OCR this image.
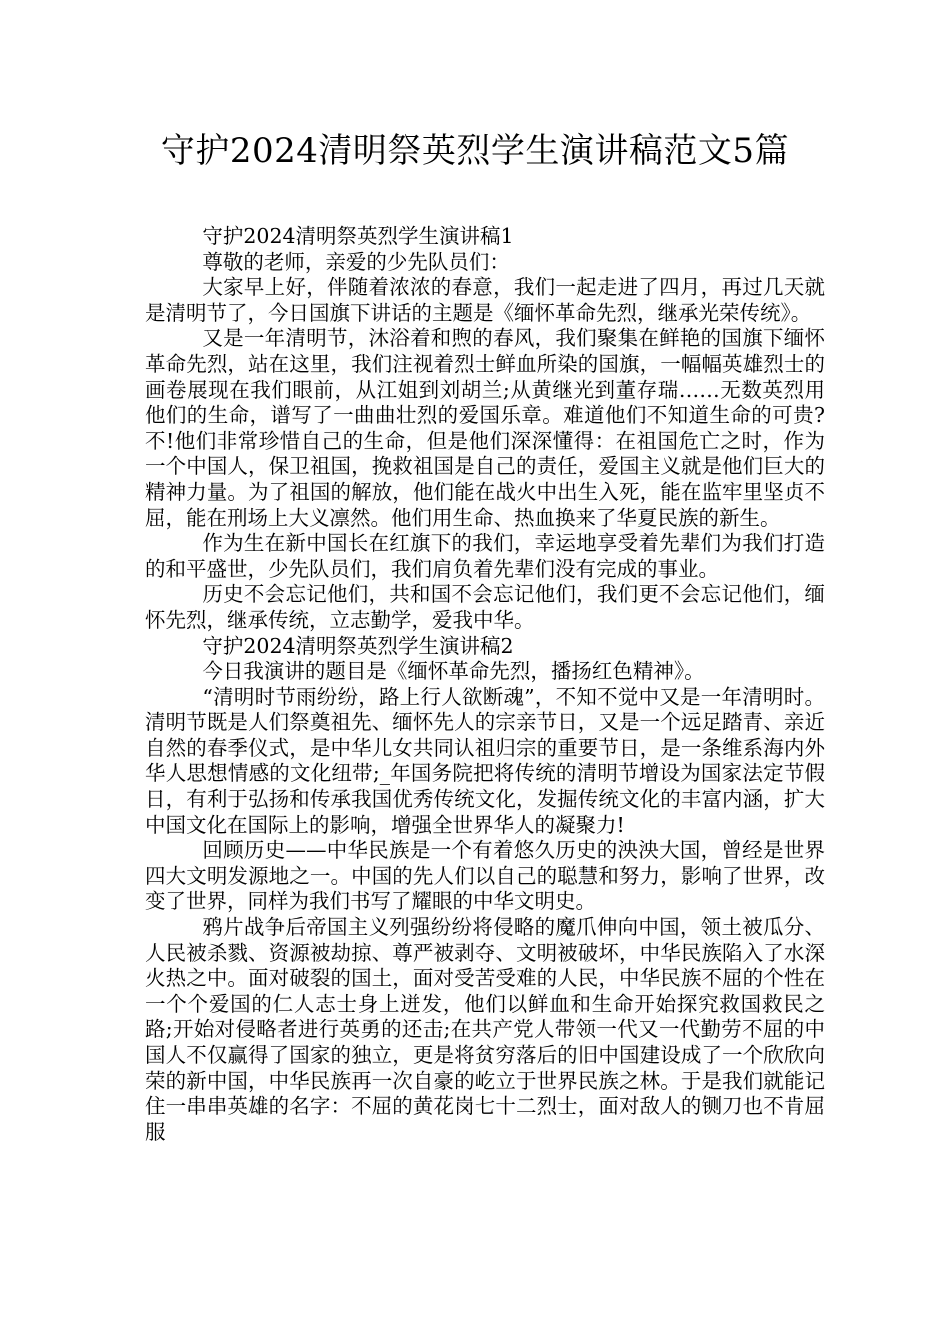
守护2024清明祭英烈学生演讲稿范文5篇

守护2024清明祭英烈学生演讲稿1

尊敬的老师，亲爱的少先队员们：

大家早上好，伴随着浓浓的春意，我们一起走进了四月，再过几天就是清明节了，今日国旗下讲话的主题是《缅怀革命先烈，继承光荣传统》。

又是一年清明节，沐浴着和煦的春风，我们聚集在鲜艳的国旗下缅怀革命先烈，站在这里，我们注视着烈士鲜血所染的国旗，一幅幅英雄烈士的画卷展现在我们眼前，从江姐到刘胡兰;从黄继光到董存瑞……无数英烈用他们的生命，谱写了一曲曲壮烈的爱国乐章。难道他们不知道生命的可贵?不!他们非常珍惜自己的生命，但是他们深深懂得：在祖国危亡之时，作为一个中国人，保卫祖国，挽救祖国是自己的责任，爱国主义就是他们巨大的精神力量。为了祖国的解放，他们能在战火中出生入死，能在监牢里坚贞不屈，能在刑场上大义凛然。他们用生命、热血换来了华夏民族的新生。

作为生在新中国长在红旗下的我们，幸运地享受着先辈们为我们打造的和平盛世，少先队员们，我们肩负着先辈们没有完成的事业。

历史不会忘记他们，共和国不会忘记他们，我们更不会忘记他们，缅怀先烈，继承传统，立志勤学，爱我中华。

守护2024清明祭英烈学生演讲稿2

今日我演讲的题目是《缅怀革命先烈，播扬红色精神》。

“清明时节雨纷纷，路上行人欲断魂”，不知不觉中又是一年清明时。清明节既是人们祭奠祖先、缅怀先人的宗亲节日，又是一个远足踏青、亲近自然的春季仪式，是中华儿女共同认祖归宗的重要节日，是一条维系海内外华人思想情感的文化纽带;_年国务院把将传统的清明节增设为国家法定节假日，有利于弘扬和传承我国优秀传统文化，发掘传统文化的丰富内涵，扩大中国文化在国际上的影响，增强全世界华人的凝聚力!

回顾历史——中华民族是一个有着悠久历史的泱泱大国，曾经是世界四大文明发源地之一。中国的先人们以自己的聪慧和努力，影响了世界，改变了世界，同样为我们书写了耀眼的中华文明史。

鸦片战争后帝国主义列强纷纷将侵略的魔爪伸向中国，领土被瓜分、人民被杀戮、资源被劫掠、尊严被剥夺、文明被破坏，中华民族陷入了水深火热之中。面对破裂的国土，面对受苦受难的人民，中华民族不屈的个性在一个个爱国的仁人志士身上迸发，他们以鲜血和生命开始探究救国救民之路;开始对侵略者进行英勇的还击;在共产党人带领一代又一代勤劳不屈的中国人不仅赢得了国家的独立，更是将贫穷落后的旧中国建设成了一个欣欣向荣的新中国，中华民族再一次自豪的屹立于世界民族之林。于是我们就能记住一串串英雄的名字：不屈的黄花岗七十二烈士，面对敌人的铡刀也不肯屈服
